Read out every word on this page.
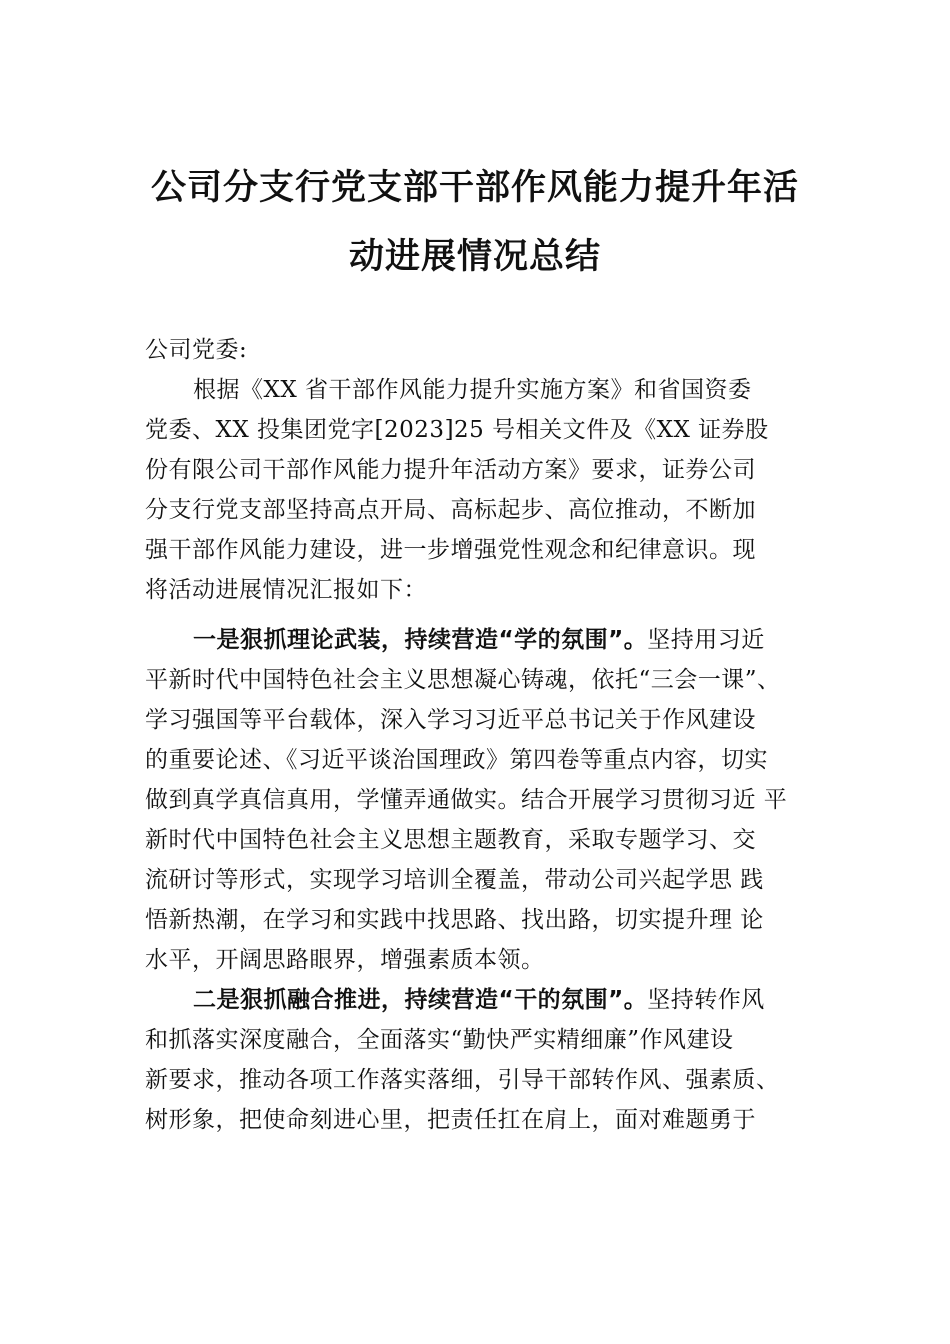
公司分支行党支部干部作风能力提升年活
动进展情况总结
公司党委:
根据《XX 省干部作风能力提升实施方案》和省国资委
党委、XX 投集团党字[2023]25 号相关文件及《XX 证券股
份有限公司干部作风能力提升年活动方案》要求，证券公司
分支行党支部坚持高点开局、高标起步、高位推动，不断加
强干部作风能力建设，进一步增强党性观念和纪律意识。现
将活动进展情况汇报如下：
一是狠抓理论武装，持续营造“学的氛围”。坚持用习近
平新时代中国特色社会主义思想凝心铸魂，依托“三会一课”、
学习强国等平台载体，深入学习习近平总书记关于作风建设
的重要论述、《习近平谈治国理政》第四卷等重点内容，切实
做到真学真信真用，学懂弄通做实。结合开展学习贯彻习近 平
新时代中国特色社会主义思想主题教育，采取专题学习、交
流研讨等形式，实现学习培训全覆盖，带动公司兴起学思 践
悟新热潮，在学习和实践中找思路、找出路，切实提升理 论
水平，开阔思路眼界，增强素质本领。
二是狠抓融合推进，持续营造“干的氛围”。坚持转作风
和抓落实深度融合，全面落实“勤快严实精细廉”作风建设
新要求，推动各项工作落实落细，引导干部转作风、强素质、
树形象，把使命刻进心里，把责任扛在肩上，面对难题勇于
